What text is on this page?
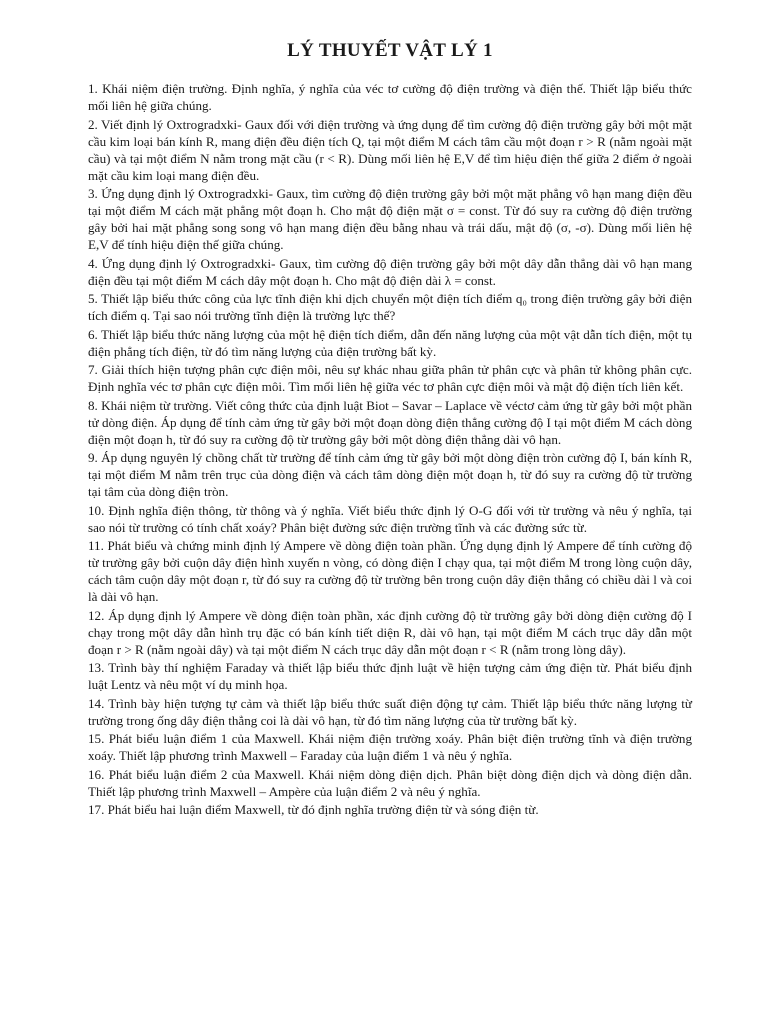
LÝ THUYẾT VẬT LÝ 1

1. Khái niệm điện trường. Định nghĩa, ý nghĩa của véc tơ cường độ điện trường và điện thế. Thiết lập biểu thức mối liên hệ giữa chúng.

2. Viết định lý Oxtrogradxki- Gaux đối với điện trường và ứng dụng để tìm cường độ điện trường gây bởi một mặt cầu kim loại bán kính R, mang điện đều điện tích Q, tại một điểm M cách tâm cầu một đoạn r > R (nằm ngoài mặt cầu) và tại một điểm N nằm trong mặt cầu (r < R). Dùng mối liên hệ E,V để tìm hiệu điện thế giữa 2 điểm ở ngoài mặt cầu kim loại mang điện đều.

3. Ứng dụng định lý Oxtrogradxki- Gaux, tìm cường độ điện trường gây bởi một mặt phẳng vô hạn mang điện đều tại một điểm M cách mặt phẳng một đoạn h. Cho mật độ điện mặt σ = const. Từ đó suy ra cường độ điện trường gây bởi hai mặt phẳng song song vô hạn mang điện đều bằng nhau và trái dấu, mật độ (σ, -σ). Dùng mối liên hệ E,V để tính hiệu điện thế giữa chúng.

4. Ứng dụng định lý Oxtrogradxki- Gaux, tìm cường độ điện trường gây bởi một dây dẫn thẳng dài vô hạn mang điện đều tại một điểm M cách dây một đoạn h. Cho mật độ điện dài λ = const.

5. Thiết lập biểu thức công của lực tĩnh điện khi dịch chuyển một điện tích điểm q₀ trong điện trường gây bởi điện tích điểm q. Tại sao nói trường tĩnh điện là trường lực thế?

6. Thiết lập biểu thức năng lượng của một hệ điện tích điểm, dẫn đến năng lượng của một vật dẫn tích điện, một tụ điện phẳng tích điện, từ đó tìm năng lượng của điện trường bất kỳ.

7. Giải thích hiện tượng phân cực điện môi, nêu sự khác nhau giữa phân tử phân cực và phân tử không phân cực. Định nghĩa véc tơ phân cực điện môi. Tìm mối liên hệ giữa véc tơ phân cực điện môi và mật độ điện tích liên kết.

8. Khái niệm từ trường. Viết công thức của định luật Biot – Savar – Laplace về véctơ cảm ứng từ gây bởi một phần tử dòng điện. Áp dụng để tính cảm ứng từ gây bởi một đoạn dòng điện thẳng cường độ I tại một điểm M cách dòng điện một đoạn h, từ đó suy ra cường độ từ trường gây bởi một dòng điện thẳng dài vô hạn.

9. Áp dụng nguyên lý chồng chất từ trường để tính cảm ứng từ gây bởi một dòng điện tròn cường độ I, bán kính R, tại một điểm M nằm trên trục của dòng điện và cách tâm dòng điện một đoạn h, từ đó suy ra cường độ từ trường tại tâm của dòng điện tròn.

10. Định nghĩa điện thông, từ thông và ý nghĩa. Viết biểu thức định lý O-G đối với từ trường và nêu ý nghĩa, tại sao nói từ trường có tính chất xoáy? Phân biệt đường sức điện trường tĩnh và các đường sức từ.

11. Phát biểu và chứng minh định lý Ampere về dòng điện toàn phần. Ứng dụng định lý Ampere để tính cường độ từ trường gây bởi cuộn dây điện hình xuyến n vòng, có dòng điện I chạy qua, tại một điểm M trong lòng cuộn dây, cách tâm cuộn dây một đoạn r, từ đó suy ra cường độ từ trường bên trong cuộn dây điện thẳng có chiều dài l và coi là dài vô hạn.

12. Áp dụng định lý Ampere về dòng điện toàn phần, xác định cường độ từ trường gây bởi dòng điện cường độ I chạy trong một dây dẫn hình trụ đặc có bán kính tiết diện R, dài vô hạn, tại một điểm M cách trục dây dẫn một đoạn r > R (nằm ngoài dây) và tại một điểm N cách trục dây dẫn một đoạn r < R (nằm trong lòng dây).

13. Trình bày thí nghiệm Faraday và thiết lập biểu thức định luật về hiện tượng cảm ứng điện từ. Phát biểu định luật Lentz và nêu một ví dụ minh họa.

14. Trình bày hiện tượng tự cảm và thiết lập biểu thức suất điện động tự cảm. Thiết lập biểu thức năng lượng từ trường trong ống dây điện thẳng coi là dài vô hạn, từ đó tìm năng lượng của từ trường bất kỳ.

15. Phát biểu luận điểm 1 của Maxwell. Khái niệm điện trường xoáy. Phân biệt điện trường tĩnh và điện trường xoáy. Thiết lập phương trình Maxwell – Faraday của luận điểm 1 và nêu ý nghĩa.

16. Phát biểu luận điểm 2 của Maxwell. Khái niệm dòng điện dịch. Phân biệt dòng điện dịch và dòng điện dẫn. Thiết lập phương trình Maxwell – Ampère của luận điểm 2 và nêu ý nghĩa.

17. Phát biểu hai luận điểm Maxwell, từ đó định nghĩa trường điện từ và sóng điện từ.
